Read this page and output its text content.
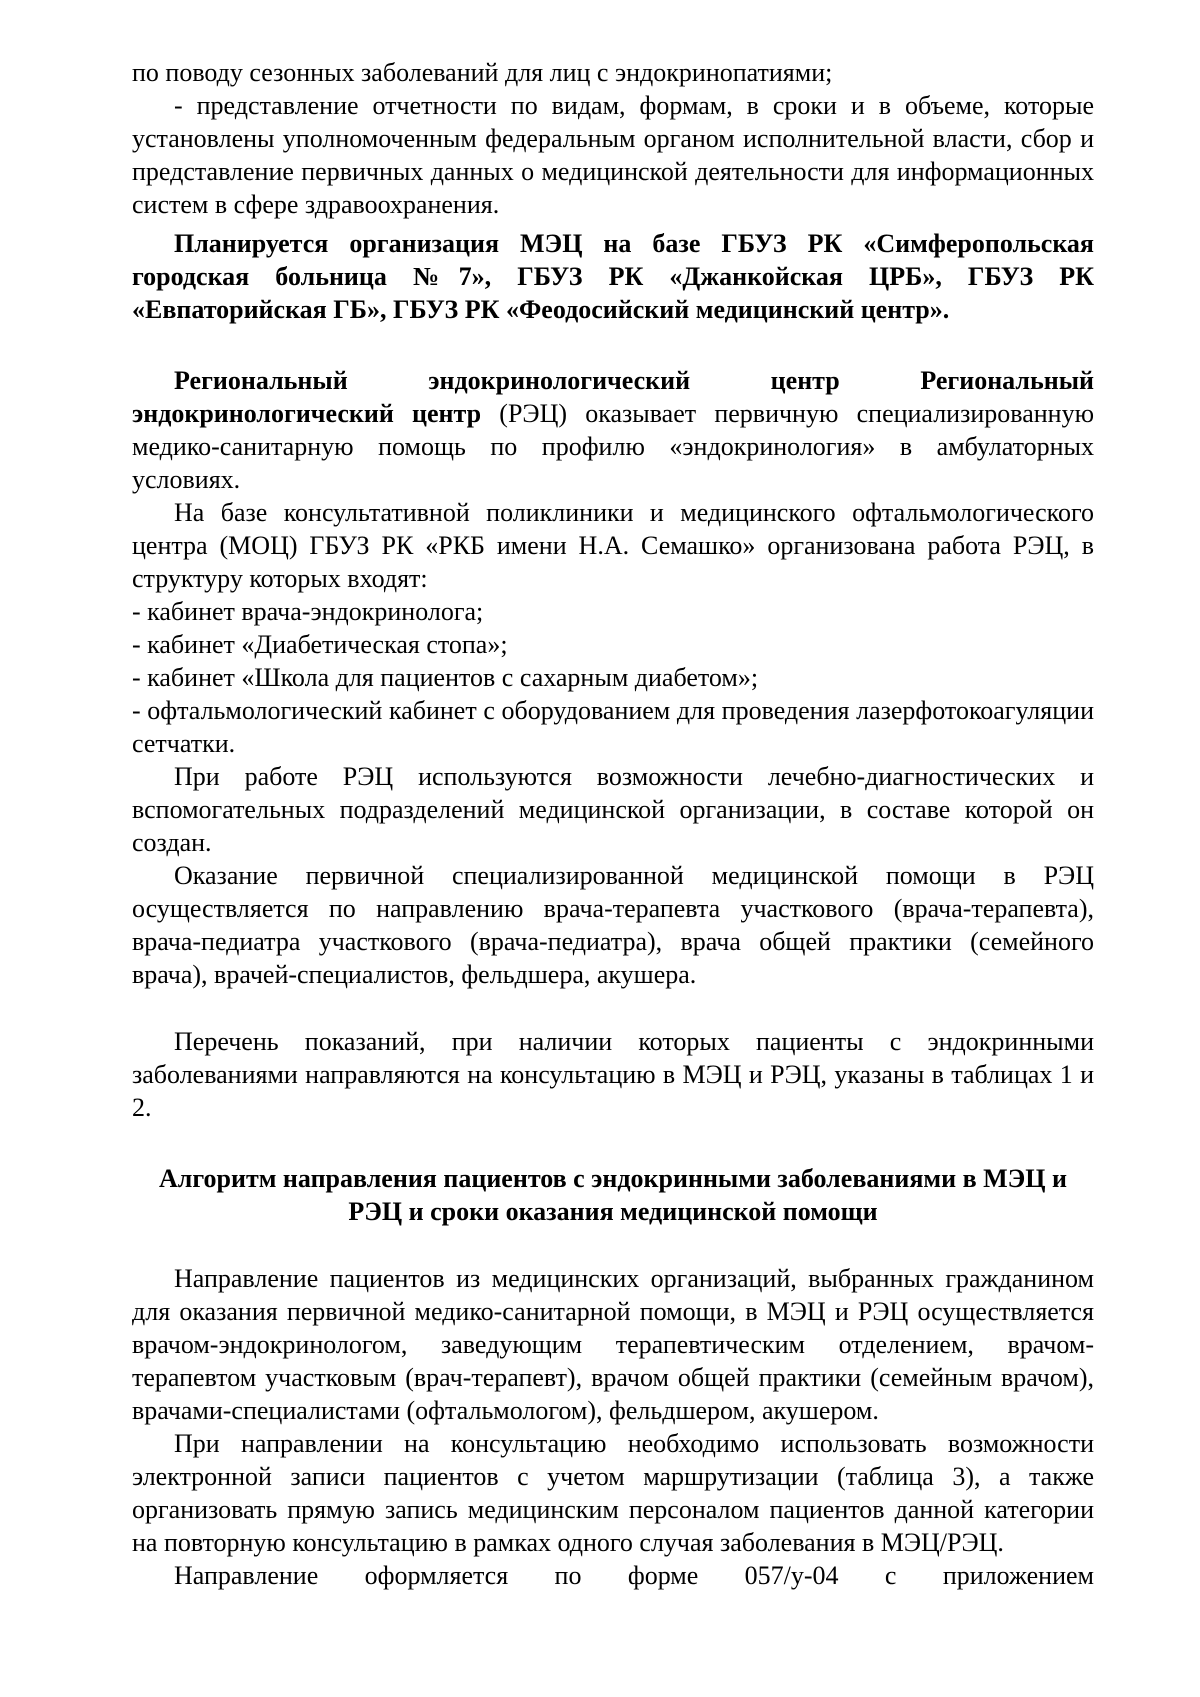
по поводу сезонных заболеваний для лиц с эндокринопатиями;

- представление отчетности по видам, формам, в сроки и в объеме, которые установлены уполномоченным федеральным органом исполнительной власти, сбор и представление первичных данных о медицинской деятельности для информационных систем в сфере здравоохранения.

Планируется организация МЭЦ на базе ГБУЗ РК «Симферопольская городская больница №7», ГБУЗ РК «Джанкойская ЦРБ», ГБУЗ РК «Евпаторийская ГБ», ГБУЗ РК «Феодосийский медицинский центр».

Региональный эндокринологический центр Региональный эндокринологический центр (РЭЦ) оказывает первичную специализированную медико-санитарную помощь по профилю «эндокринология» в амбулаторных условиях.

На базе консультативной поликлиники и медицинского офтальмологического центра (МОЦ) ГБУЗ РК «РКБ имени Н.А. Семашко» организована работа РЭЦ, в структуру которых входят:

- кабинет врача-эндокринолога;

- кабинет «Диабетическая стопа»;

- кабинет «Школа для пациентов с сахарным диабетом»;

- офтальмологический кабинет с оборудованием для проведения лазерфотокоагуляции сетчатки.

При работе РЭЦ используются возможности лечебно-диагностических и вспомогательных подразделений медицинской организации, в составе которой он создан.

Оказание первичной специализированной медицинской помощи в РЭЦ осуществляется по направлению врача-терапевта участкового (врача-терапевта), врача-педиатра участкового (врача-педиатра), врача общей практики (семейного врача), врачей-специалистов, фельдшера, акушера.

Перечень показаний, при наличии которых пациенты с эндокринными заболеваниями направляются на консультацию в МЭЦ и РЭЦ, указаны в таблицах 1 и 2.

Алгоритм направления пациентов с эндокринными заболеваниями в МЭЦ и РЭЦ и сроки оказания медицинской помощи

Направление пациентов из медицинских организаций, выбранных гражданином для оказания первичной медико-санитарной помощи, в МЭЦ и РЭЦ осуществляется врачом-эндокринологом, заведующим терапевтическим отделением, врачом-терапевтом участковым (врач-терапевт), врачом общей практики (семейным врачом), врачами-специалистами (офтальмологом), фельдшером, акушером.

При направлении на консультацию необходимо использовать возможности электронной записи пациентов с учетом маршрутизации (таблица 3), а также организовать прямую запись медицинским персоналом пациентов данной категории на повторную консультацию в рамках одного случая заболевания в МЭЦ/РЭЦ.

Направление оформляется по форме 057/у-04 с приложением
